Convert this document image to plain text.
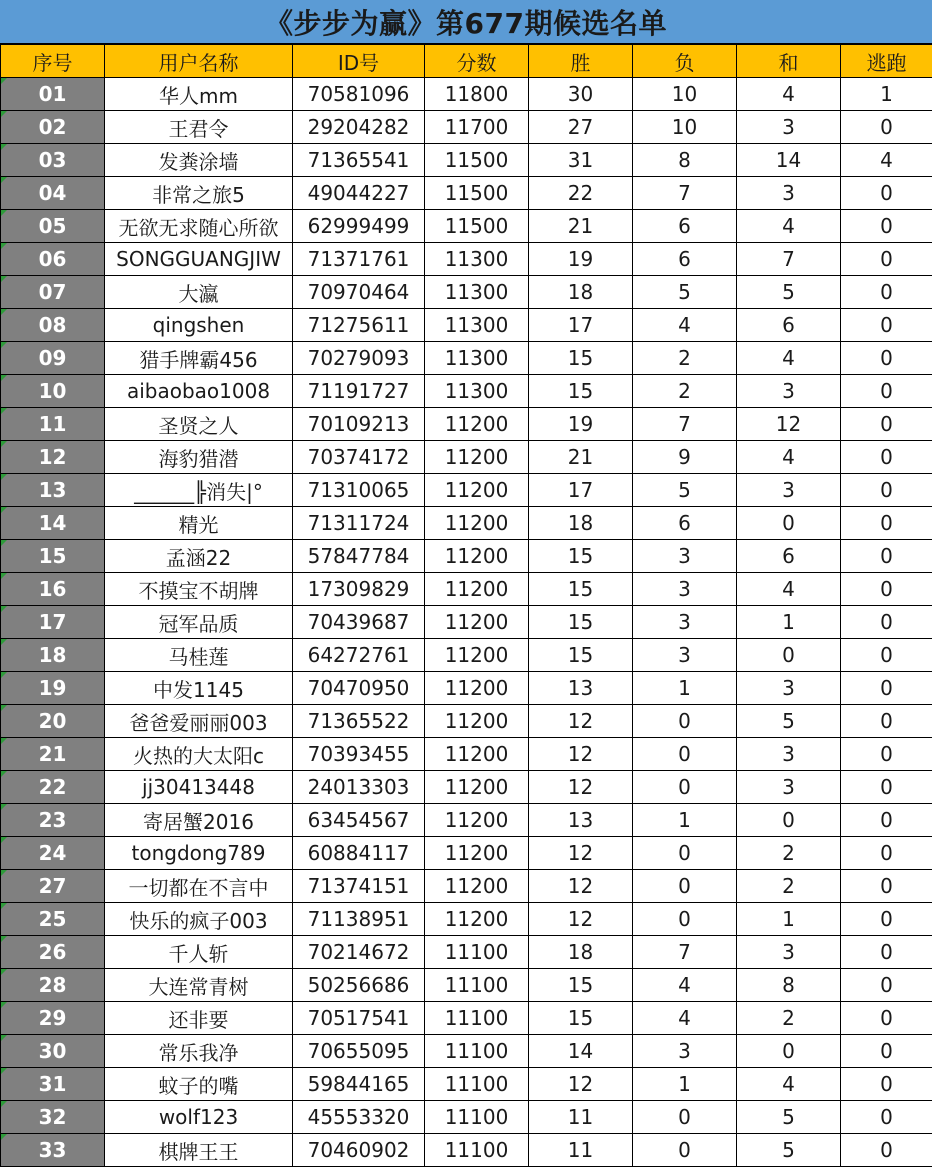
《步步为赢》第677期候选名单
序号	用户名称	ID号	分数	胜	负	和	逃跑
01	华人mm	70581096	11800	30	10	4	1
02	王君令	29204282	11700	27	10	3	0
03	发粪涂墙	71365541	11500	31	8	14	4
04	非常之旅5	49044227	11500	22	7	3	0
05	无欲无求随心所欲	62999499	11500	21	6	4	0
06	SONGGUANGJIW	71371761	11300	19	6	7	0
07	大瀛	70970464	11300	18	5	5	0
08	qingshen	71275611	11300	17	4	6	0
09	猎手牌霸456	70279093	11300	15	2	4	0
10	aibaobao1008	71191727	11300	15	2	3	0
11	圣贤之人	70109213	11200	19	7	12	0
12	海豹猎潜	70374172	11200	21	9	4	0
13	______╠消失|°	71310065	11200	17	5	3	0
14	精光	71311724	11200	18	6	0	0
15	孟涵22	57847784	11200	15	3	6	0
16	不摸宝不胡牌	17309829	11200	15	3	4	0
17	冠军品质	70439687	11200	15	3	1	0
18	马桂莲	64272761	11200	15	3	0	0
19	中发1145	70470950	11200	13	1	3	0
20	爸爸爱丽丽003	71365522	11200	12	0	5	0
21	火热的大太阳c	70393455	11200	12	0	3	0
22	jj30413448	24013303	11200	12	0	3	0
23	寄居蟹2016	63454567	11200	13	1	0	0
24	tongdong789	60884117	11200	12	0	2	0
27	一切都在不言中	71374151	11200	12	0	2	0
25	快乐的疯子003	71138951	11200	12	0	1	0
26	千人斩	70214672	11100	18	7	3	0
28	大连常青树	50256686	11100	15	4	8	0
29	还非要	70517541	11100	15	4	2	0
30	常乐我净	70655095	11100	14	3	0	0
31	蚊子的嘴	59844165	11100	12	1	4	0
32	wolf123	45553320	11100	11	0	5	0
33	棋牌王王	70460902	11100	11	0	5	0
